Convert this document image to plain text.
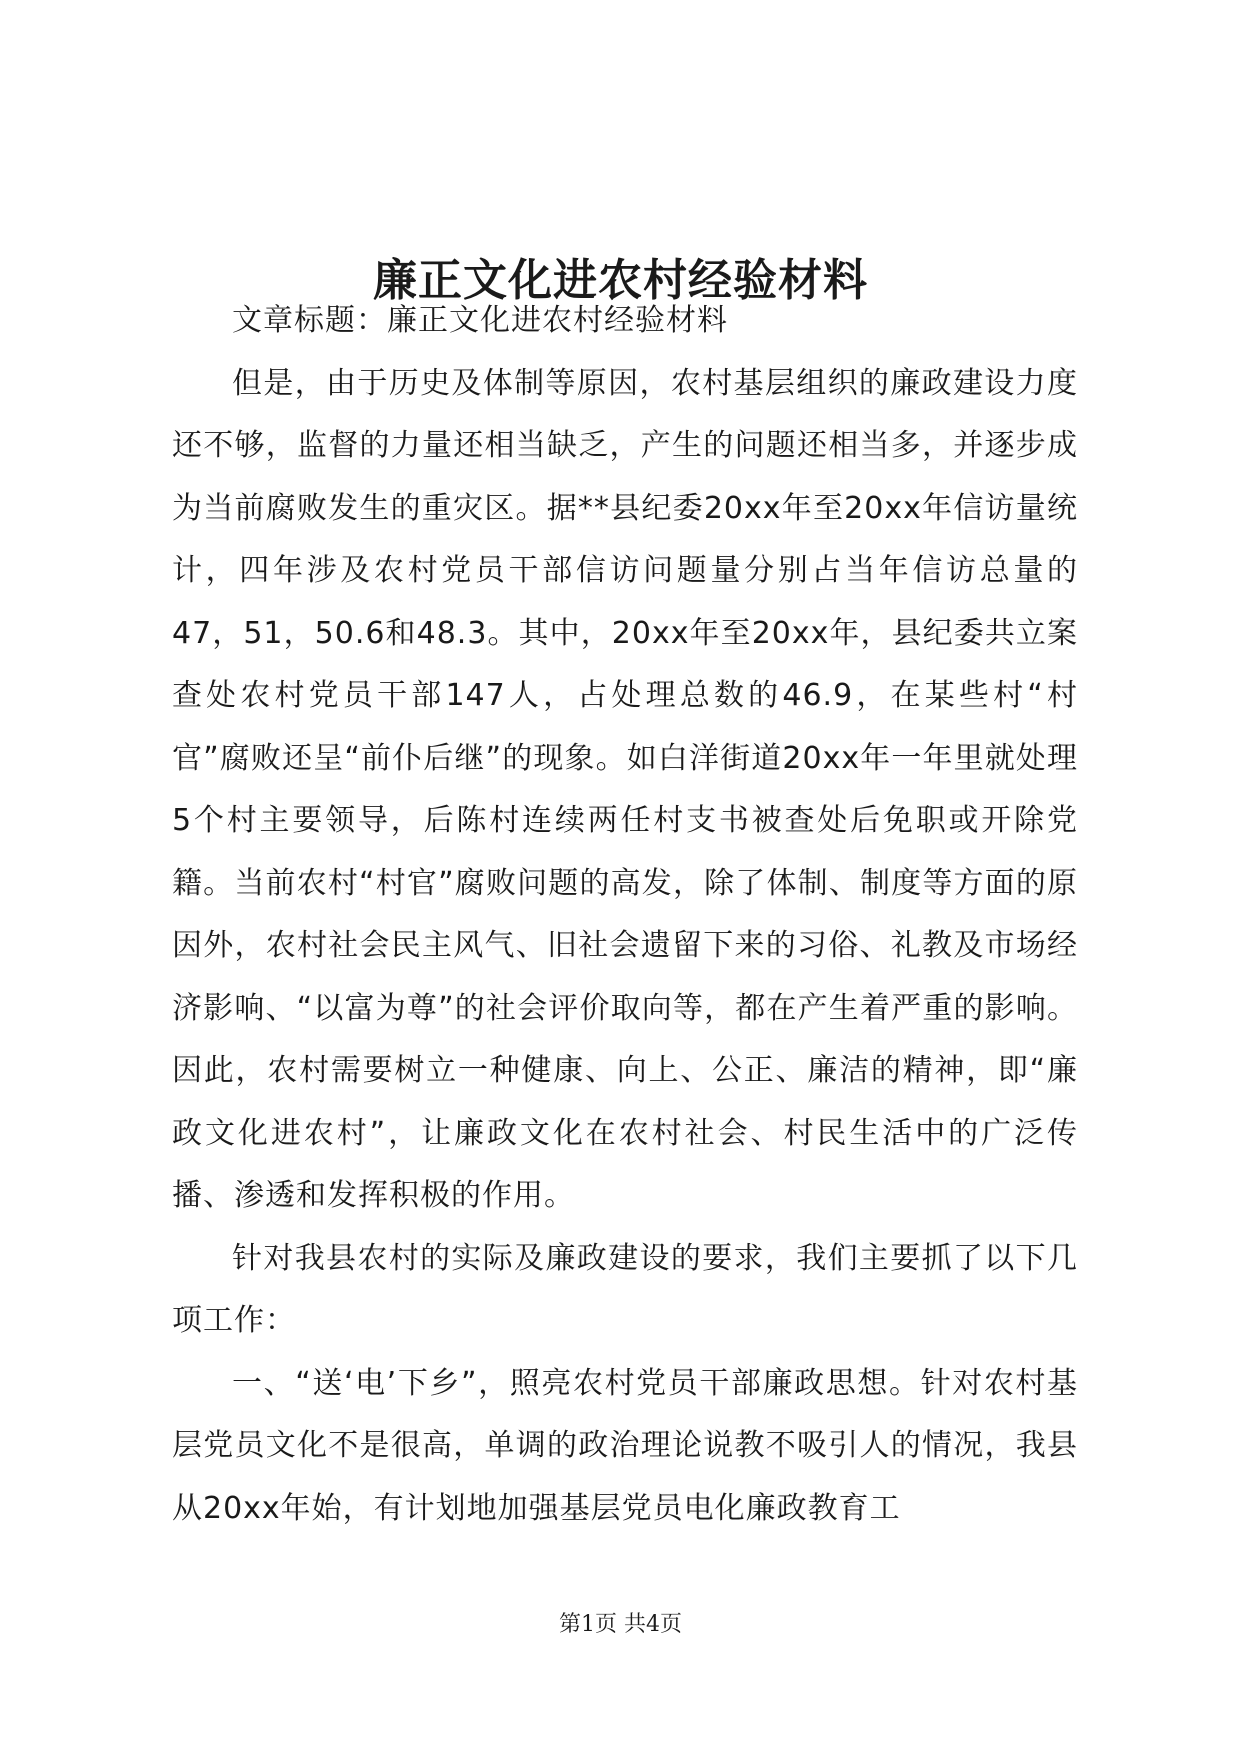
廉正文化进农村经验材料

文章标题：廉正文化进农村经验材料

但是，由于历史及体制等原因，农村基层组织的廉政建设力度还不够，监督的力量还相当缺乏，产生的问题还相当多，并逐步成为当前腐败发生的重灾区。据**县纪委20xx年至20xx年信访量统计，四年涉及农村党员干部信访问题量分别占当年信访总量的47，51，50.6和48.3。其中，20xx年至20xx年，县纪委共立案查处农村党员干部147人，占处理总数的46.9，在某些村“村官”腐败还呈“前仆后继”的现象。如白洋街道20xx年一年里就处理5个村主要领导，后陈村连续两任村支书被查处后免职或开除党籍。当前农村“村官”腐败问题的高发，除了体制、制度等方面的原因外，农村社会民主风气、旧社会遗留下来的习俗、礼教及市场经济影响、“以富为尊”的社会评价取向等，都在产生着严重的影响。因此，农村需要树立一种健康、向上、公正、廉洁的精神，即“廉政文化进农村”，让廉政文化在农村社会、村民生活中的广泛传播、渗透和发挥积极的作用。

针对我县农村的实际及廉政建设的要求，我们主要抓了以下几项工作：

一、“送‘电’下乡”，照亮农村党员干部廉政思想。针对农村基层党员文化不是很高，单调的政治理论说教不吸引人的情况，我县从20xx年始，有计划地加强基层党员电化廉政教育工

第1页 共4页
